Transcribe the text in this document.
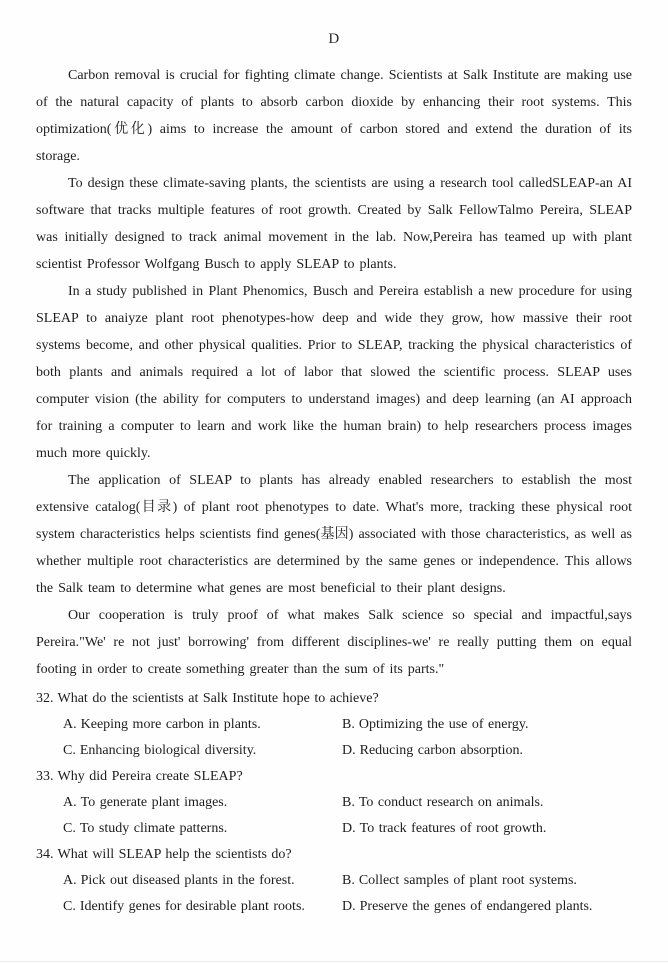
D

Carbon removal is crucial for fighting climate change. Scientists at Salk Institute are making use of the natural capacity of plants to absorb carbon dioxide by enhancing their root systems. This optimization(优化) aims to increase the amount of carbon stored and extend the duration of its storage.

To design these climate-saving plants, the scientists are using a research tool calledSLEAP-an AI software that tracks multiple features of root growth. Created by Salk FellowTalmo Pereira, SLEAP was initially designed to track animal movement in the lab. Now,Pereira has teamed up with plant scientist Professor Wolfgang Busch to apply SLEAP to plants.

In a study published in Plant Phenomics, Busch and Pereira establish a new procedure for using SLEAP to anaiyze plant root phenotypes-how deep and wide they grow, how massive their root systems become, and other physical qualities. Prior to SLEAP, tracking the physical characteristics of both plants and animals required a lot of labor that slowed the scientific process. SLEAP uses computer vision (the ability for computers to understand images) and deep learning (an AI approach for training a computer to learn and work like the human brain) to help researchers process images much more quickly.

The application of SLEAP to plants has already enabled researchers to establish the most extensive catalog(目录) of plant root phenotypes to date. What's more, tracking these physical root system characteristics helps scientists find genes(基因) associated with those characteristics, as well as whether multiple root characteristics are determined by the same genes or independence. This allows the Salk team to determine what genes are most beneficial to their plant designs.

Our cooperation is truly proof of what makes Salk science so special and impactful,says Pereira."We' re not just' borrowing' from different disciplines-we' re really putting them on equal footing in order to create something greater than the sum of its parts."

32. What do the scientists at Salk Institute hope to achieve?

A. Keeping more carbon in plants.	B. Optimizing the use of energy.

C. Enhancing biological diversity.	D. Reducing carbon absorption.

33. Why did Pereira create SLEAP?

A. To generate plant images.	B. To conduct research on animals.

C. To study climate patterns.	D. To track features of root growth.

34. What will SLEAP help the scientists do?

A. Pick out diseased plants in the forest.	B. Collect samples of plant root systems.

C. Identify genes for desirable plant roots.	D. Preserve the genes of endangered plants.
